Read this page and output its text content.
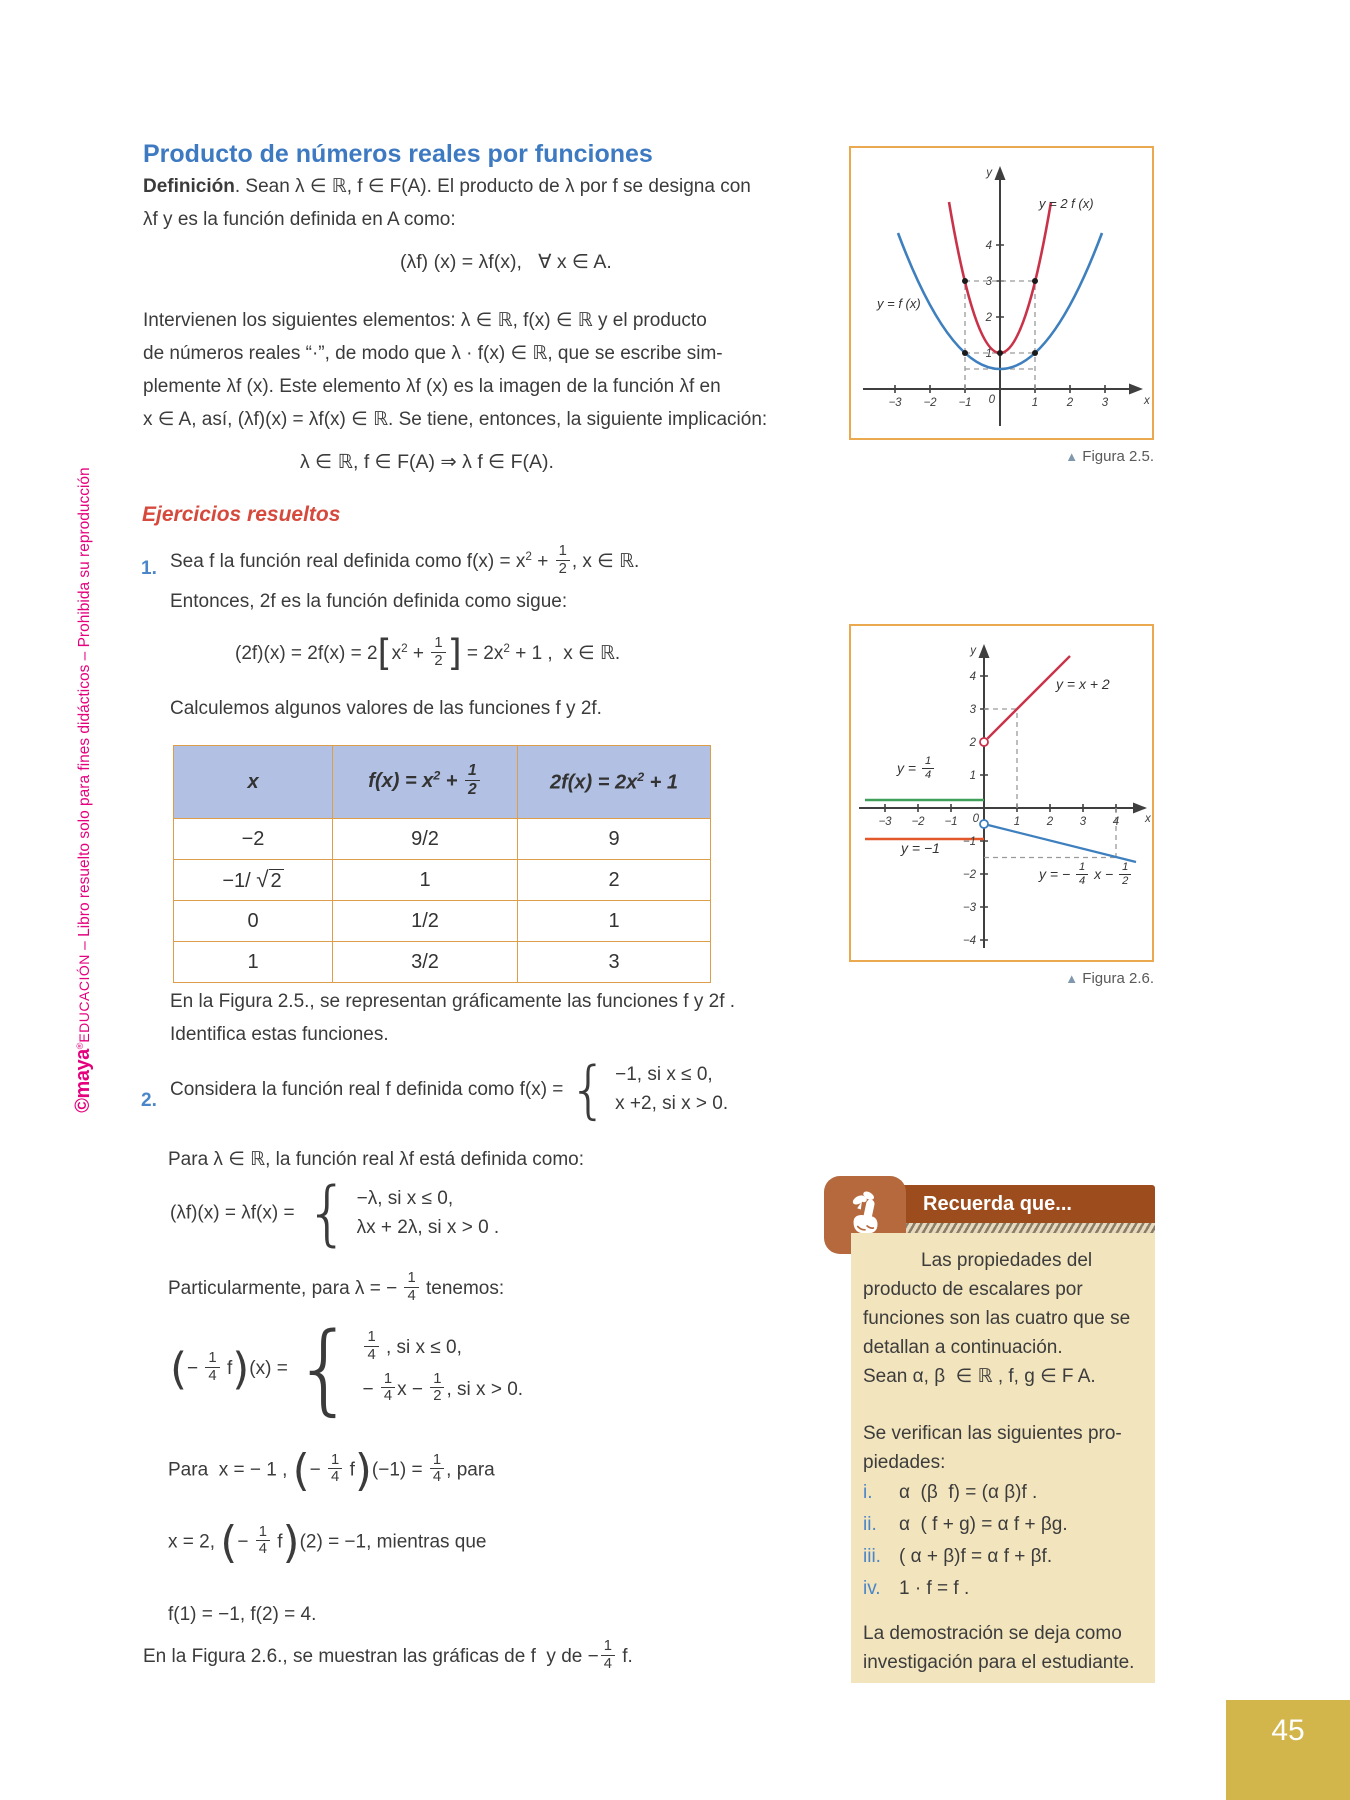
©maya®EDUCACIÓN – Libro resuelto solo para fines didácticos – Prohibida su reproducción
Producto de números reales por funciones
Definición. Sean λ ∈ ℝ, f ∈ F(A). El producto de λ por f se designa con
λf y es la función definida en A como:
(λf) (x) = λf(x),   ∀ x ∈ A.
Intervienen los siguientes elementos: λ ∈ ℝ, f(x) ∈ ℝ y el producto
de números reales “·”, de modo que λ · f(x) ∈ ℝ, que se escribe sim-
plemente λf (x). Este elemento λf (x) es la imagen de la función λf en
x ∈ A, así, (λf)(x) = λf(x) ∈ ℝ. Se tiene, entonces, la siguiente implicación:
λ ∈ ℝ, f ∈ F(A) ⇒ λ f ∈ F(A).
Ejercicios resueltos
1. Sea f la función real definida como $f(x) = x^2 + \frac{1}{2}$ , x ∈ ℝ.
Entonces, 2f es la función definida como sigue:
$(2f)(x) = 2f(x) = 2[x^2 + \frac{1}{2}$ ] = $2x^2 + 1$ ,  x ∈ ℝ.
Calculemos algunos valores de las funciones f y 2f.
x	$f(x) = x^2 + \frac{1}{2}$	$2f(x) = 2x^2 + 1$
−2	9/2	9
−1/ √ 2	1	2
0	1/2	1
1	3/2	3
En la Figura 2.5., se representan gráficamente las funciones f y 2f .
Identifica estas funciones.
2.
Considera la función real f definida como f(x) = { −1, si x ≤ 0,
x +2, si x > 0.
Para λ ∈ ℝ, la función real λf está definida como:
(λf)(x) = λf(x) = { −λ, si x ≤ 0,
λx + 2λ, si x > 0 .
Particularmente, para λ = − $\frac{1}{4}$ tenemos:
(− $\frac{1}{4} f)(x)$ = { $\frac{1}{4}$ , si x ≤ 0,
− $\frac{1}{4}$ $x - \frac{1}{2}$ , si x > 0.
Para  x = − 1 , (− $\frac{1}{4} f)(-1) = \frac{1}{4}$ , para
x = 2, (− $\frac{1}{4} f)(2) = -1$, mientras que
f(1) = −1, f(2) = 4.
En la Figura 2.6., se muestran las gráficas de f  y de − $\frac{1}{4} f$.
−3 −2 −1	1 2 3
0
1
2
3
4
y
x
y = f (x)
y = 2 f (x)
▲ Figura 2.5.
−3 −2 −1	1 2 3 4
0
1
2
3
4
−1
−2
−3
−4
y
x
y = x + 2
$y = \frac{1}{4}$
y = −1
y = − $\frac{1}{4}$ $x - \frac{1}{2}$
▲ Figura 2.6.
Recuerda que...
Las propiedades del
producto de escalares por
funciones son las cuatro que se
detallan a continuación.
Sean α, β  ∈ ℝ , f, g ∈ F A.
Se verifican las siguientes pro-
piedades:
i. α  (β  f) = (α β)f .
ii. α  ( f + g) = α f + βg.
iii. ( α + β)f = α f + βf.
iv. 1 · f = f .
La demostración se deja como
investigación para el estudiante.
45
